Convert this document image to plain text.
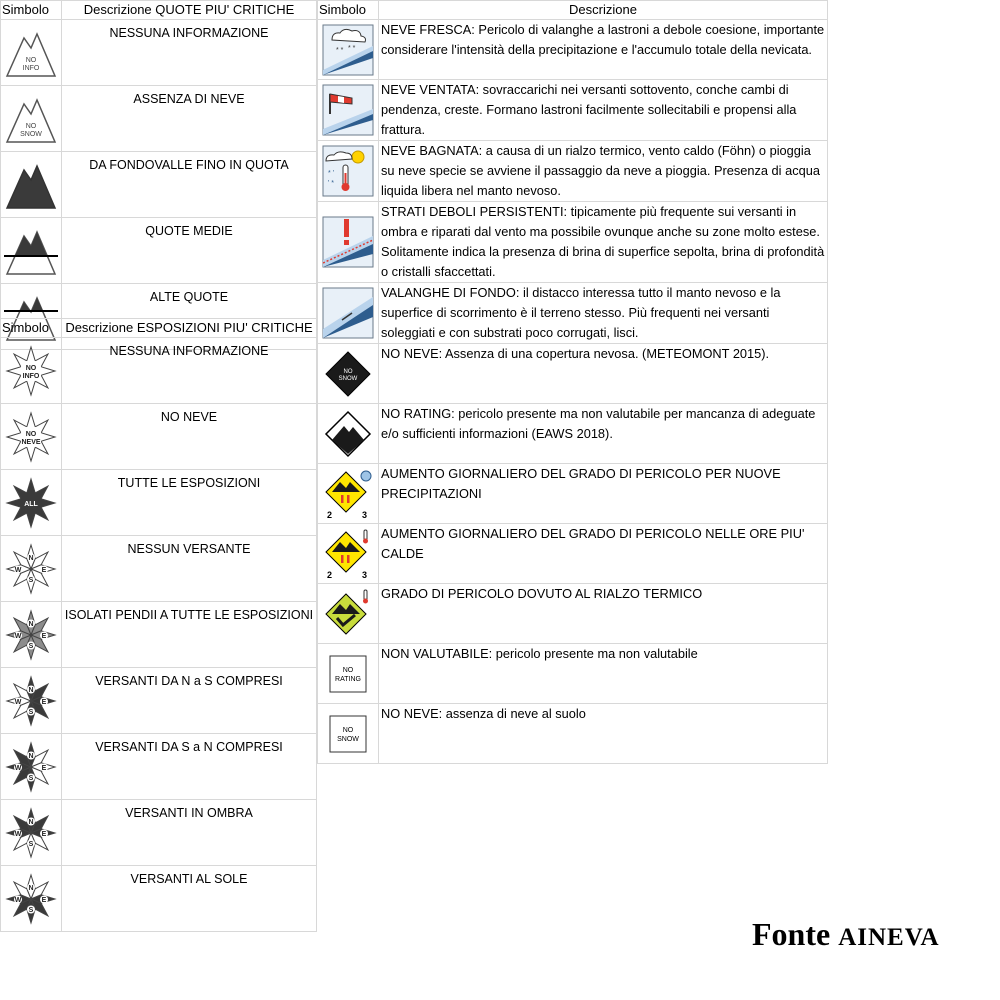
Simbolo	Descrizione QUOTE PIU' CRITICHE

NO
INFO	NESSUNA INFORMAZIONE

NO
SNOW	ASSENZA DI NEVE

	DA FONDOVALLE FINO IN QUOTA

	QUOTE MEDIE

	ALTE QUOTE
Simbolo	Descrizione ESPOSIZIONI PIU' CRITICHE

NO
INFO	NESSUNA INFORMAZIONE

NO
NEVE	NO NEVE

ALL	TUTTE LE ESPOSIZIONI

N
S
W E	NESSUN VERSANTE

N
S
W E	ISOLATI PENDII A TUTTE LE ESPOSIZIONI

N
S
W E	VERSANTI DA N a S COMPRESI

N
S
W E	VERSANTI DA S a N COMPRESI

N
S
W E	VERSANTI IN OMBRA

N
S
W E	VERSANTI AL SOLE
Simbolo	Descrizione

* * * *	NEVE FRESCA: Pericolo di valanghe a lastroni a debole coesione, importante considerare l'intensità della precipitazione e l'accumulo totale della nevicata.

	NEVE VENTATA: sovraccarichi nei versanti sottovento, conche cambi di pendenza, creste. Formano lastroni facilmente sollecitabili e propensi alla frattura.

* '
' *	NEVE BAGNATA: a causa di un rialzo termico, vento caldo (Föhn) o pioggia su neve specie se avviene il passaggio da neve a pioggia. Presenza di acqua liquida libera nel manto nevoso.

	STRATI DEBOLI PERSISTENTI: tipicamente più frequente sui versanti in ombra e riparati dal vento ma possibile ovunque anche su zone molto estese. Solitamente indica la presenza di brina di superfice sepolta, brina di profondità o cristalli sfaccettati.

	VALANGHE DI FONDO: il distacco interessa tutto il manto nevoso e la superfice di scorrimento è il terreno stesso. Più frequenti nei versanti soleggiati e con substrati poco corrugati, lisci.

NO
SNOW	NO NEVE: Assenza di una copertura nevosa. (METEOMONT 2015).

	NO RATING: pericolo presente ma non valutabile per mancanza di adeguate e/o sufficienti informazioni (EAWS 2018).

2 3	AUMENTO GIORNALIERO DEL GRADO DI PERICOLO PER NUOVE PRECIPITAZIONI

2 3	AUMENTO GIORNALIERO DEL GRADO DI PERICOLO NELLE ORE PIU' CALDE

	GRADO DI PERICOLO DOVUTO AL RIALZO TERMICO

NO
RATING	NON VALUTABILE: pericolo presente ma non valutabile

NO
SNOW	NO NEVE: assenza di neve al suolo
Fonte AINEVA
